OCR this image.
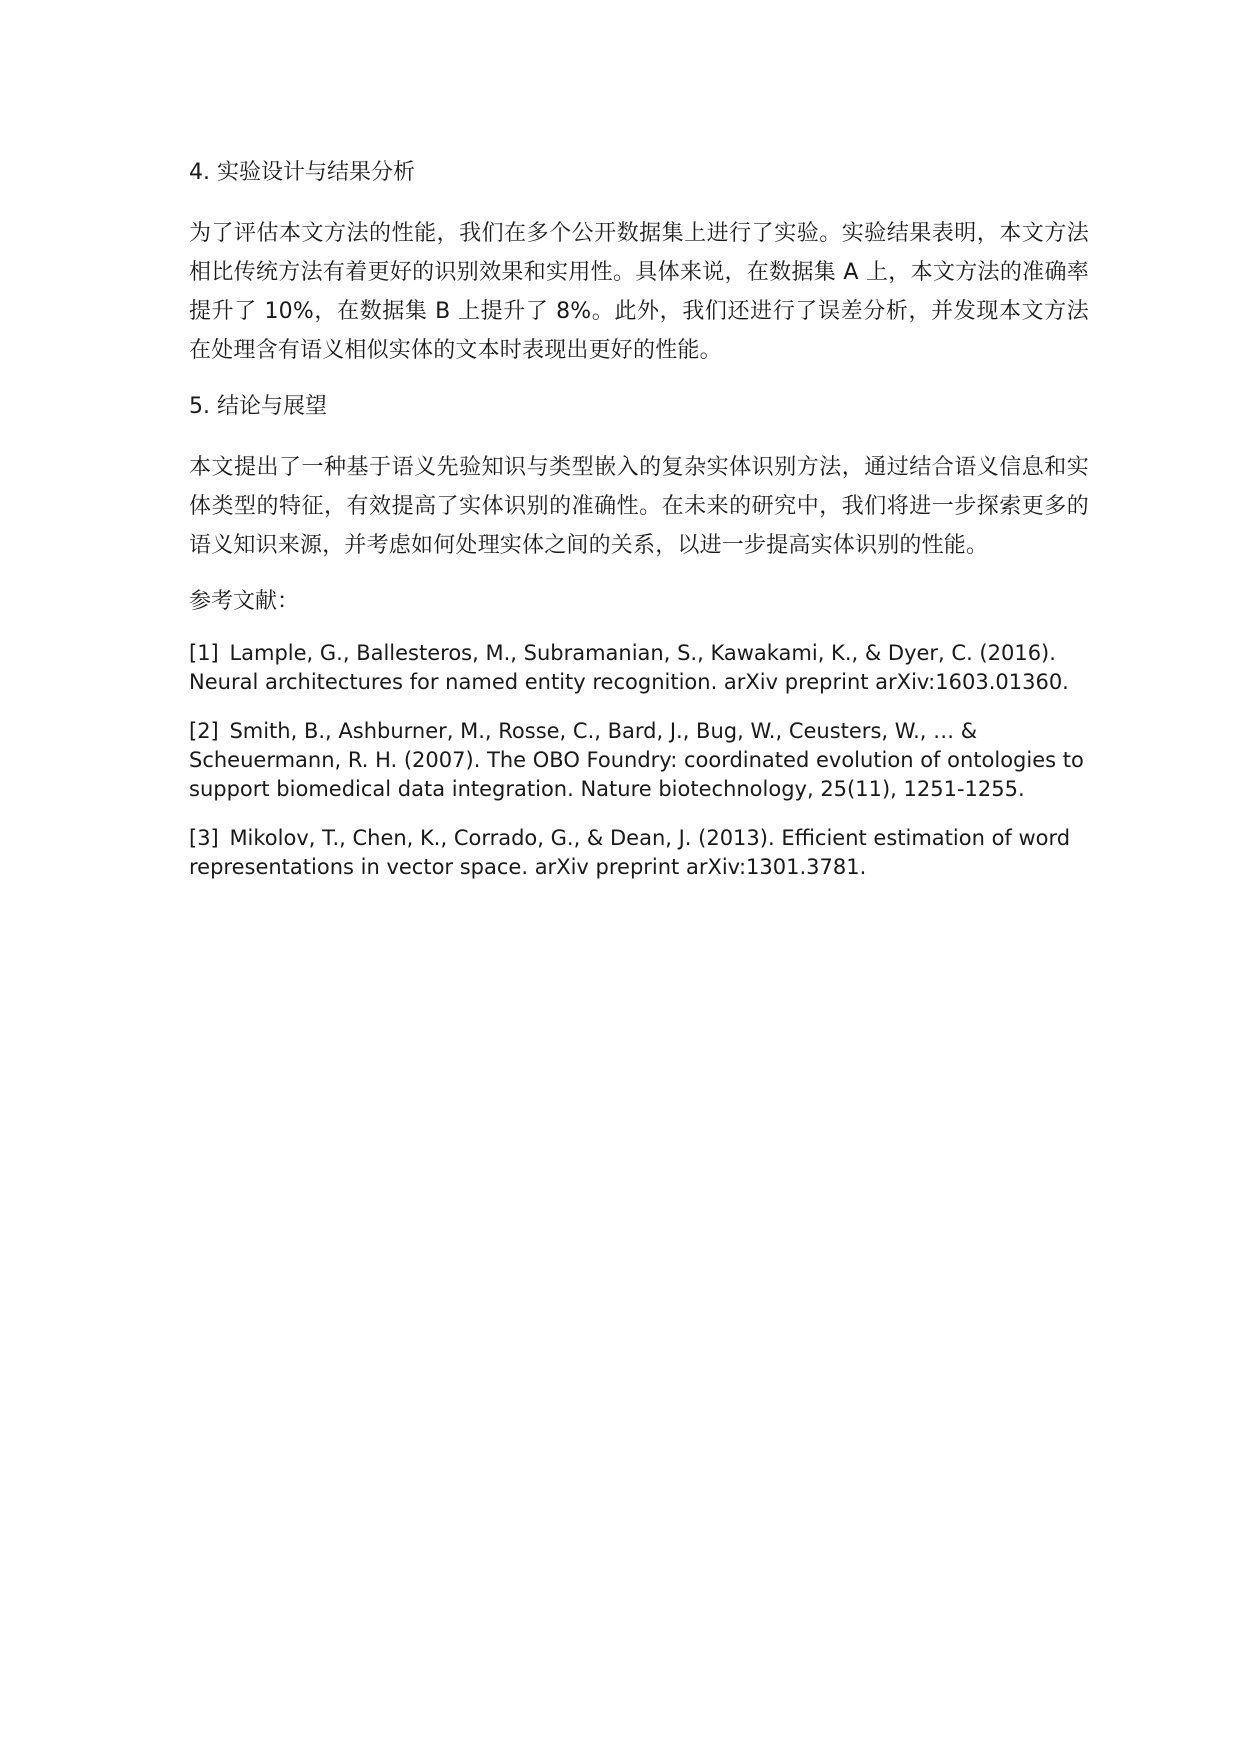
4. 实验设计与结果分析
为了评估本文方法的性能，我们在多个公开数据集上进行了实验。实验结果表明，本文方法相比传统方法有着更好的识别效果和实用性。具体来说，在数据集 A 上，本文方法的准确率提升了 10%，在数据集 B 上提升了 8%。此外，我们还进行了误差分析，并发现本文方法在处理含有语义相似实体的文本时表现出更好的性能。
5. 结论与展望
本文提出了一种基于语义先验知识与类型嵌入的复杂实体识别方法，通过结合语义信息和实体类型的特征，有效提高了实体识别的准确性。在未来的研究中，我们将进一步探索更多的语义知识来源，并考虑如何处理实体之间的关系，以进一步提高实体识别的性能。
参考文献：
[1] Lample, G., Ballesteros, M., Subramanian, S., Kawakami, K., & Dyer, C. (2016). Neural architectures for named entity recognition. arXiv preprint arXiv:1603.01360.
[2] Smith, B., Ashburner, M., Rosse, C., Bard, J., Bug, W., Ceusters, W., … & Scheuermann, R. H. (2007). The OBO Foundry: coordinated evolution of ontologies to support biomedical data integration. Nature biotechnology, 25(11), 1251-1255.
[3] Mikolov, T., Chen, K., Corrado, G., & Dean, J. (2013). Efficient estimation of word representations in vector space. arXiv preprint arXiv:1301.3781.
